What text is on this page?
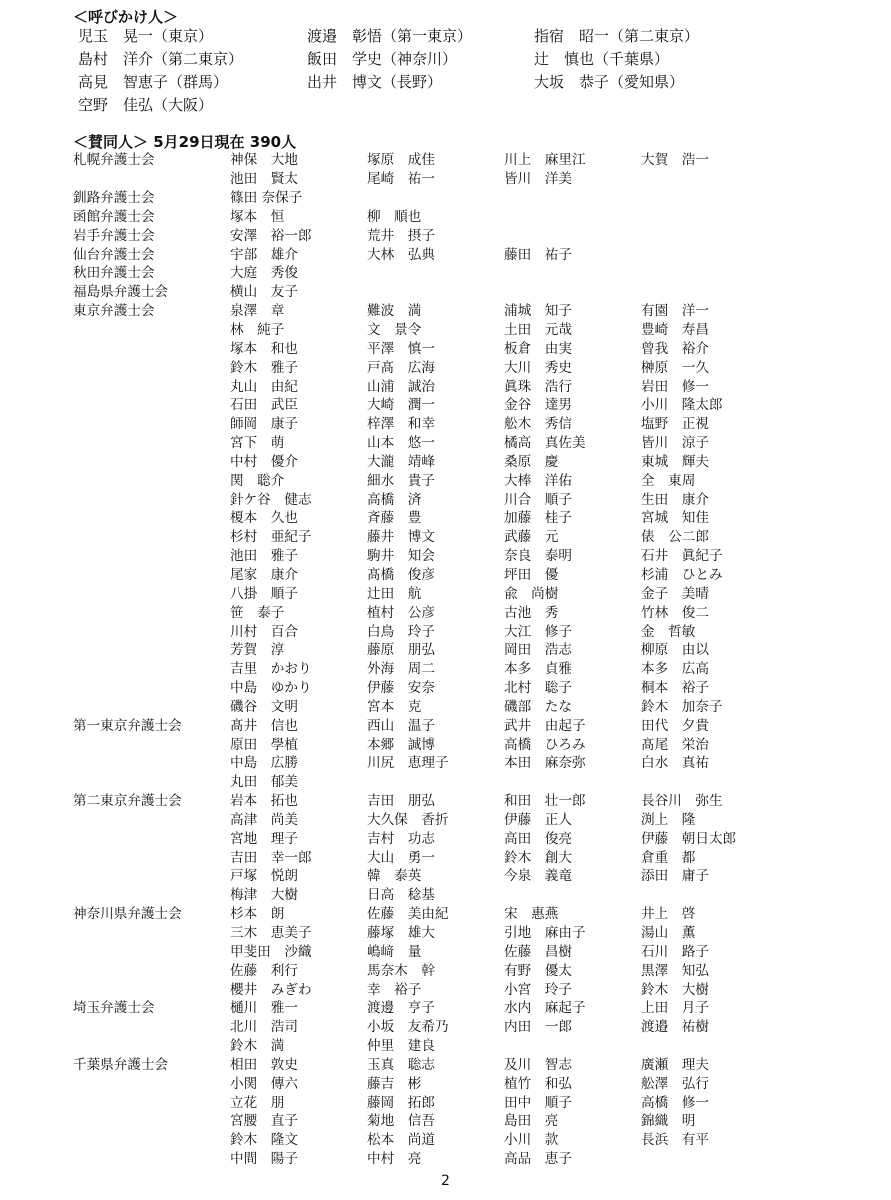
＜呼びかけ人＞
児玉　晃一（東京）	渡邉　彰悟（第一東京）	指宿　昭一（第二東京）
島村　洋介（第二東京）	飯田　学史（神奈川）	辻　慎也（千葉県）
高見　智恵子（群馬）	出井　博文（長野）	大坂　恭子（愛知県）
空野　佳弘（大阪）
＜賛同人＞ 5月29日現在 390人
札幌弁護士会	神保　大地	塚原　成佳	川上　麻里江	大賀　浩一
池田　賢太	尾崎　祐一	皆川　洋美
釧路弁護士会	篠田 奈保子
函館弁護士会	塚本　恒	柳　順也
岩手弁護士会	安澤　裕一郎	荒井　摂子
仙台弁護士会	宇部　雄介	大林　弘典	藤田　祐子
秋田弁護士会	大庭　秀俊
福島県弁護士会	横山　友子
東京弁護士会	泉澤　章	難波　満	浦城　知子	有園　洋一
林　純子	文　景令	土田　元哉	豊崎　寿昌
塚本　和也	平澤　慎一	板倉　由実	曾我　裕介
鈴木　雅子	戸髙　広海	大川　秀史	榊原　一久
丸山　由紀	山浦　誠治	眞珠　浩行	岩田　修一
石田　武臣	大崎　潤一	金谷　達男	小川　隆太郎
師岡　康子	梓澤　和幸	舩木　秀信	塩野　正視
宮下　萌	山本　悠一	橘高　真佐美	皆川　涼子
中村　優介	大瀧　靖峰	桑原　慶	東城　輝夫
関　聡介	細水　貴子	大棒　洋佑	全　東周
針ケ谷　健志	高橋　済	川合　順子	生田　康介
榎本　久也	斉藤　豊	加藤　桂子	宮城　知佳
杉村　亜紀子	藤井　博文	武藤　元	俵　公二郎
池田　雅子	駒井　知会	奈良　泰明	石井　眞紀子
尾家　康介	髙橋　俊彦	坪田　優	杉浦　ひとみ
八掛　順子	辻田　航	兪　尚樹	金子　美晴
笹　泰子	植村　公彦	古池　秀	竹林　俊二
川村　百合	白鳥　玲子	大江　修子	金　哲敏
芳賀　淳	藤原　朋弘	岡田　浩志	柳原　由以
吉里　かおり	外海　周二	本多　貞雅	本多　広高
中島　ゆかり	伊藤　安奈	北村　聡子	桐本　裕子
磯谷　文明	宮本　克	磯部　たな	鈴木　加奈子
第一東京弁護士会	髙井　信也	西山　温子	武井　由起子	田代　夕貴
原田　學植	本郷　誠博	高橋　ひろみ	髙尾　栄治
中島　広勝	川尻　恵理子	本田　麻奈弥	白水　真祐
丸田　郁美
第二東京弁護士会	岩本　拓也	吉田　朋弘	和田　壮一郎	長谷川　弥生
高津　尚美	大久保　香折	伊藤　正人	渕上　隆
宮地　理子	吉村　功志	高田　俊亮	伊藤　朝日太郎
吉田　幸一郎	大山　勇一	鈴木　創大	倉重　都
戸塚　悦朗	韓　泰英	今泉　義竜	添田　庸子
梅津　大樹	日高　稔基
神奈川県弁護士会	杉本　朗	佐藤　美由紀	宋　惠燕	井上　啓
三木　恵美子	藤塚　雄大	引地　麻由子	湯山　薫
甲斐田　沙織	嶋﨑　量	佐藤　昌樹	石川　路子
佐藤　利行	馬奈木　幹	有野　優太	黒澤　知弘
櫻井　みぎわ	幸　裕子	小宮　玲子	鈴木　大樹
埼玉弁護士会	樋川　雅一	渡邊　亨子	水内　麻起子	上田　月子
北川　浩司	小坂　友希乃	内田　一郎	渡邉　祐樹
鈴木　満	仲里　建良
千葉県弁護士会	相田　敦史	玉真　聡志	及川　智志	廣瀬　理夫
小関　傳六	藤吉　彬	植竹　和弘	舩澤　弘行
立花　朋	藤岡　拓郎	田中　順子	高橋　修一
宮腰　直子	菊地　信吾	島田　亮	錦織　明
鈴木　隆文	松本　尚道	小川　款	長浜　有平
中間　陽子	中村　亮	高品　恵子
2
